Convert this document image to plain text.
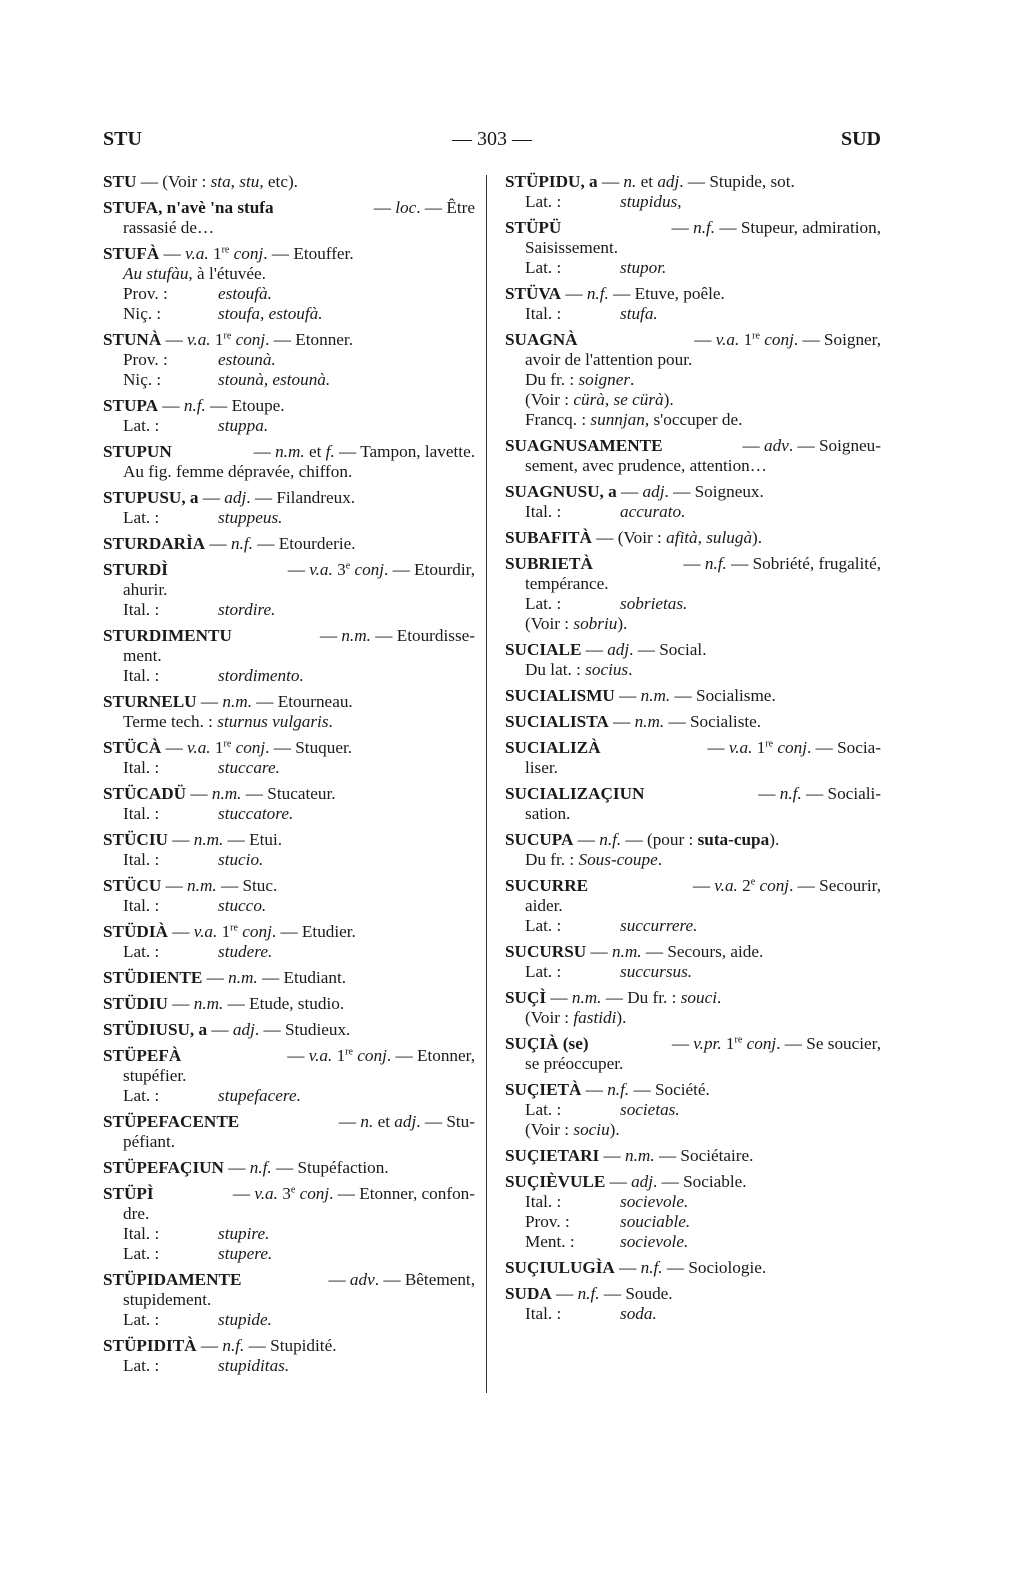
STU	— 303 —	SUD
STU — (Voir : sta, stu, etc).
STUFA, n'avè 'na stufa	— loc. — Être
rassasié de…
STUFÀ — v.a. 1re conj. — Etouffer.
Au stufàu, à l'étuvée.
Prov. :	estoufà.
Niç. :	stoufa, estoufà.
STUNÀ — v.a. 1re conj. — Etonner.
Prov. :	estounà.
Niç. :	stounà, estounà.
STUPA — n.f. — Etoupe.
Lat. :	stuppa.
STUPUN	— n.m. et f. — Tampon, lavette.
Au fig. femme dépravée, chiffon.
STUPUSU, a — adj. — Filandreux.
Lat. :	stuppeus.
STURDARÌA — n.f. — Etourderie.
STURDÌ	— v.a. 3e conj. — Etourdir,
ahurir.
Ital. :	stordire.
STURDIMENTU	— n.m. — Etourdisse-
ment.
Ital. :	stordimento.
STURNELU — n.m. — Etourneau.
Terme tech. : sturnus vulgaris.
STÜCÀ — v.a. 1re conj. — Stuquer.
Ital. :	stuccare.
STÜCADÜ — n.m. — Stucateur.
Ital. :	stuccatore.
STÜCIU — n.m. — Etui.
Ital. :	stucio.
STÜCU — n.m. — Stuc.
Ital. :	stucco.
STÜDIÀ — v.a. 1re conj. — Etudier.
Lat. :	studere.
STÜDIENTE — n.m. — Etudiant.
STÜDIU — n.m. — Etude, studio.
STÜDIUSU, a — adj. — Studieux.
STÜPEFÀ	— v.a. 1re conj. — Etonner,
stupéfier.
Lat. :	stupefacere.
STÜPEFACENTE	— n. et adj. — Stu-
péfiant.
STÜPEFAÇIUN — n.f. — Stupéfaction.
STÜPÌ	— v.a. 3e conj. — Etonner, confon-
dre.
Ital. :	stupire.
Lat. :	stupere.
STÜPIDAMENTE	— adv. — Bêtement,
stupidement.
Lat. :	stupide.
STÜPIDITÀ — n.f. — Stupidité.
Lat. :	stupiditas.
STÜPIDU, a — n. et adj. — Stupide, sot.
Lat. :	stupidus,
STÜPÜ	— n.f. — Stupeur, admiration,
Saisissement.
Lat. :	stupor.
STÜVA — n.f. — Etuve, poêle.
Ital. :	stufa.
SUAGNÀ	— v.a. 1re conj. — Soigner,
avoir de l'attention pour.
Du fr. : soigner.
(Voir : cürà, se cürà).
Francq. : sunnjan, s'occuper de.
SUAGNUSAMENTE	— adv. — Soigneu-
sement, avec prudence, attention…
SUAGNUSU, a — adj. — Soigneux.
Ital. :	accurato.
SUBAFITÀ — (Voir : afità, sulugà).
SUBRIETÀ	— n.f. — Sobriété, frugalité,
tempérance.
Lat. :	sobrietas.
(Voir : sobriu).
SUCIALE — adj. — Social.
Du lat. : socius.
SUCIALISMU — n.m. — Socialisme.
SUCIALISTA — n.m. — Socialiste.
SUCIALIZÀ	— v.a. 1re conj. — Socia-
liser.
SUCIALIZAÇIUN	— n.f. — Sociali-
sation.
SUCUPA — n.f. — (pour : suta-cupa).
Du fr. : Sous-coupe.
SUCURRE	— v.a. 2e conj. — Secourir,
aider.
Lat. :	succurrere.
SUCURSU — n.m. — Secours, aide.
Lat. :	succursus.
SUÇÌ — n.m. — Du fr. : souci.
(Voir : fastidi).
SUÇIÀ (se)	— v.pr. 1re conj. — Se soucier,
se préoccuper.
SUÇIETÀ — n.f. — Société.
Lat. :	societas.
(Voir : sociu).
SUÇIETARI — n.m. — Sociétaire.
SUÇIÈVULE — adj. — Sociable.
Ital. :	socievole.
Prov. :	souciable.
Ment. :	socievole.
SUÇIULUGÌA — n.f. — Sociologie.
SUDA — n.f. — Soude.
Ital. :	soda.
